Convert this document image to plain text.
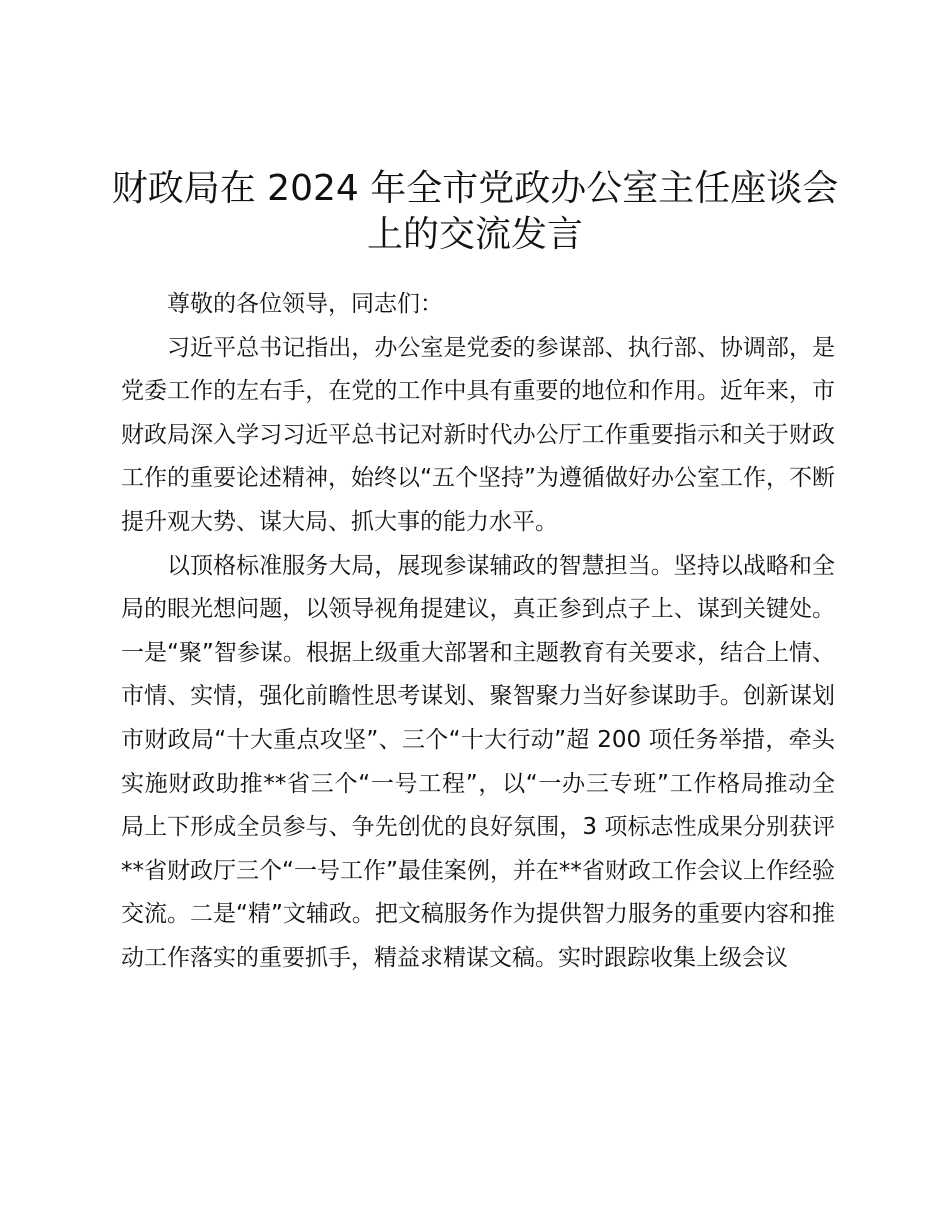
财政局在 2024 年全市党政办公室主任座谈会
上的交流发言

尊敬的各位领导，同志们：

习近平总书记指出，办公室是党委的参谋部、执行部、协调部，是党委工作的左右手，在党的工作中具有重要的地位和作用。近年来，市财政局深入学习习近平总书记对新时代办公厅工作重要指示和关于财政工作的重要论述精神，始终以“五个坚持”为遵循做好办公室工作，不断提升观大势、谋大局、抓大事的能力水平。

以顶格标准服务大局，展现参谋辅政的智慧担当。坚持以战略和全局的眼光想问题，以领导视角提建议，真正参到点子上、谋到关键处。一是“聚”智参谋。根据上级重大部署和主题教育有关要求，结合上情、市情、实情，强化前瞻性思考谋划、聚智聚力当好参谋助手。创新谋划市财政局“十大重点攻坚”、三个“十大行动”超 200 项任务举措，牵头实施财政助推**省三个“一号工程”，以“一办三专班”工作格局推动全局上下形成全员参与、争先创优的良好氛围，3 项标志性成果分别获评**省财政厅三个“一号工作”最佳案例，并在**省财政工作会议上作经验交流。二是“精”文辅政。把文稿服务作为提供智力服务的重要内容和推动工作落实的重要抓手，精益求精谋文稿。实时跟踪收集上级会议
